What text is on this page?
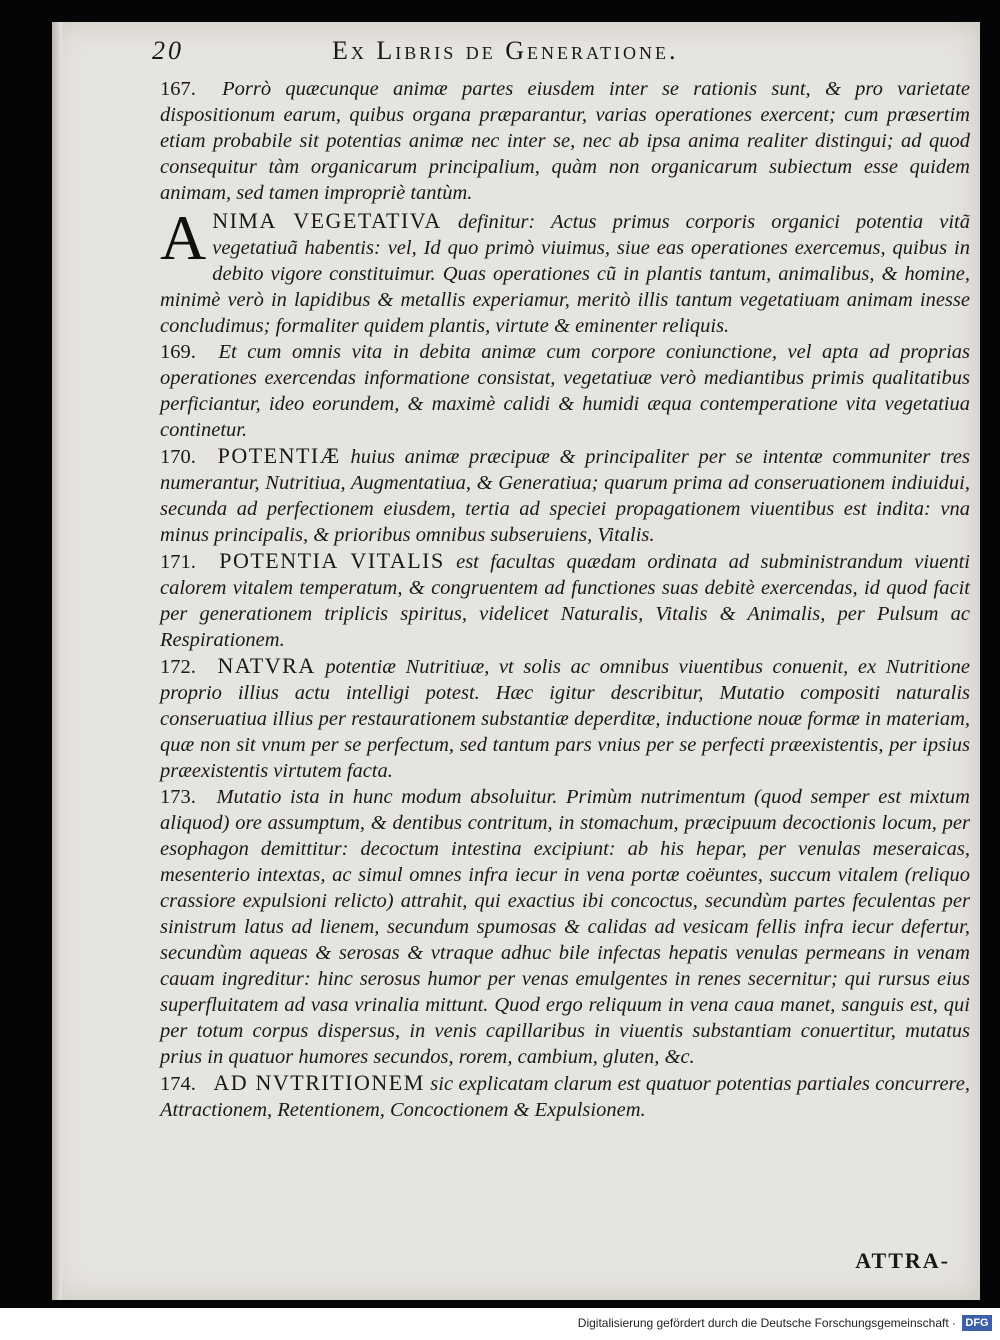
20	Ex Libris de Generatione.

167. Porrò quæcunque animæ partes eiusdem inter se rationis sunt, & pro varietate dispositionum earum, quibus organa præparantur, varias operationes exercent; cum præsertim etiam probabile sit potentias animæ nec inter se, nec ab ipsa anima realiter distingui; ad quod consequitur tàm organicarum principalium, quàm non organicarum subiectum esse quidem animam, sed tamen impropriè tantùm.

A NIMA VEGETATIVA definitur: Actus primus corporis organici potentia vitã vegetatiuã habentis: vel, Id quo primò viuimus, siue eas operationes exercemus, quibus in debito vigore constituimur. Quas operationes cũ in plantis tantum, animalibus, & homine, minimè verò in lapidibus & metallis experiamur, meritò illis tantum vegetatiuam animam inesse concludimus; formaliter quidem plantis, virtute & eminenter reliquis.

169. Et cum omnis vita in debita animæ cum corpore coniunctione, vel apta ad proprias operationes exercendas informatione consistat, vegetatiuæ verò mediantibus primis qualitatibus perficiantur, ideo eorundem, & maximè calidi & humidi æqua contemperatione vita vegetatiua continetur.

170. POTENTIÆ huius animæ præcipuæ & principaliter per se intentæ communiter tres numerantur, Nutritiua, Augmentatiua, & Generatiua; quarum prima ad conseruationem indiuidui, secunda ad perfectionem eiusdem, tertia ad speciei propagationem viuentibus est indita: vna minus principalis, & prioribus omnibus subseruiens, Vitalis.

171. POTENTIA VITALIS est facultas quædam ordinata ad subministrandum viuenti calorem vitalem temperatum, & congruentem ad functiones suas debitè exercendas, id quod facit per generationem triplicis spiritus, videlicet Naturalis, Vitalis & Animalis, per Pulsum ac Respirationem.

172. NATVRA potentiæ Nutritiuæ, vt solis ac omnibus viuentibus conuenit, ex Nutritione proprio illius actu intelligi potest. Hæc igitur describitur, Mutatio compositi naturalis conseruatiua illius per restaurationem substantiæ deperditæ, inductione nouæ formæ in materiam, quæ non sit vnum per se perfectum, sed tantum pars vnius per se perfecti præexistentis, per ipsius præexistentis virtutem facta.

173. Mutatio ista in hunc modum absoluitur. Primùm nutrimentum (quod semper est mixtum aliquod) ore assumptum, & dentibus contritum, in stomachum, præcipuum decoctionis locum, per esophagon demittitur: decoctum intestina excipiunt: ab his hepar, per venulas meseraicas, mesenterio intextas, ac simul omnes infra iecur in vena portæ coëuntes, succum vitalem (reliquo crassiore expulsioni relicto) attrahit, qui exactius ibi concoctus, secundùm partes feculentas per sinistrum latus ad lienem, secundum spumosas & calidas ad vesicam fellis infra iecur defertur, secundùm aqueas & serosas & vtraque adhuc bile infectas hepatis venulas permeans in venam cauam ingreditur: hinc serosus humor per venas emulgentes in renes secernitur; qui rursus eius superfluitatem ad vasa vrinalia mittunt. Quod ergo reliquum in vena caua manet, sanguis est, qui per totum corpus dispersus, in venis capillaribus in viuentis substantiam conuertitur, mutatus prius in quatuor humores secundos, rorem, cambium, gluten, &c.

174. AD NVTRITIONEM sic explicatam clarum est quatuor potentias partiales concurrere, Attractionem, Retentionem, Concoctionem & Expulsionem.

ATTRA-
Digitalisierung gefördert durch die Deutsche Forschungsgemeinschaft · DFG
